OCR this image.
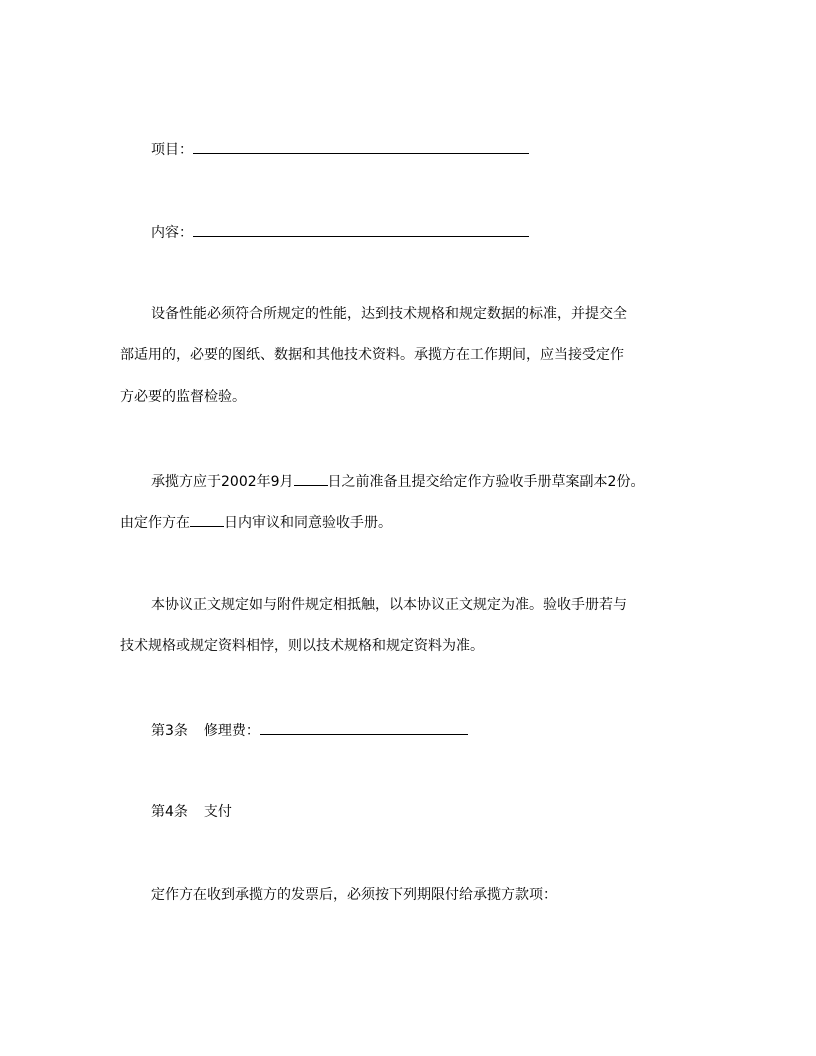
项目：
内容：
设备性能必须符合所规定的性能，达到技术规格和规定数据的标准，并提交全
部适用的，必要的图纸、数据和其他技术资料。承揽方在工作期间，应当接受定作
方必要的监督检验。
承揽方应于2002年9月 日之前准备且提交给定作方验收手册草案副本2份。
由定作方在 日内审议和同意验收手册。
本协议正文规定如与附件规定相抵触，以本协议正文规定为准。验收手册若与
技术规格或规定资料相悖，则以技术规格和规定资料为准。
第3条 修理费：
第4条 支付
定作方在收到承揽方的发票后，必须按下列期限付给承揽方款项：
